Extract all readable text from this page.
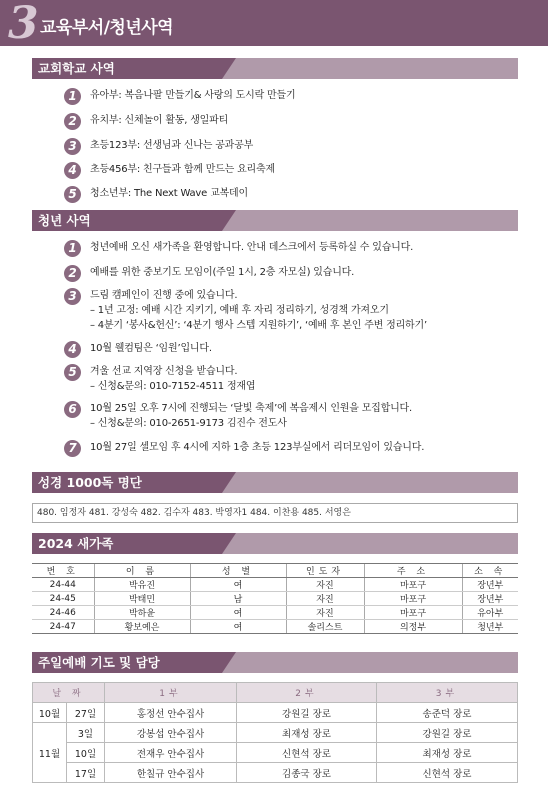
3 교육부서/청년사역
교회학교 사역
1	유아부: 복음나팔 만들기& 사랑의 도시락 만들기
2	유치부: 신체놀이 활동, 생일파티
3	초등123부: 선생님과 신나는 공과공부
4	초등456부: 친구들과 함께 만드는 요리축제
5	청소년부: The Next Wave 교복데이
청년 사역
1	청년예배 오신 새가족을 환영합니다. 안내 데스크에서 등록하실 수 있습니다.
2	예배를 위한 중보기도 모임이(주일 1시, 2층 자모실) 있습니다.
3	드림 캠페인이 진행 중에 있습니다.
– 1년 고정: 예배 시간 지키기, 예배 후 자리 정리하기, 성경책 가져오기
– 4분기 ‘봉사&헌신’: ‘4분기 행사 스텝 지원하기’, ‘예배 후 본인 주변 정리하기’
4	10월 웰컴팀은 ‘임원’입니다.
5	겨울 선교 지역장 신청을 받습니다.
– 신청&문의: 010-7152-4511 정재엽
6	10월 25일 오후 7시에 진행되는 ‘달빛 축제’에 복음제시 인원을 모집합니다.
– 신청&문의: 010-2651-9173 김진수 전도사
7	10월 27일 셀모임 후 4시에 지하 1층 초등 123부실에서 리더모임이 있습니다.
성경 1000독 명단
480. 임정자 481. 강성숙 482. 김수자 483. 박영자1 484. 이찬용 485. 서영은
2024 새가족
번 호	이 름	성 별	인도자	주 소	소 속
24-44	박유진	여	자진	마포구	장년부
24-45	박태민	남	자진	마포구	장년부
24-46	박하윤	여	자진	마포구	유아부
24-47	황보예은	여	솔리스트	의정부	청년부
주일예배 기도 및 담당
날 짜		1부	2부	3부
10월	27일	홍정선 안수집사	강원길 장로	송준덕 장로
11월	3일	강봉섭 안수집사	최재성 장로	강원길 장로
	10일	전재우 안수집사	신현석 장로	최재성 장로
	17일	한칠규 안수집사	김종국 장로	신현석 장로
